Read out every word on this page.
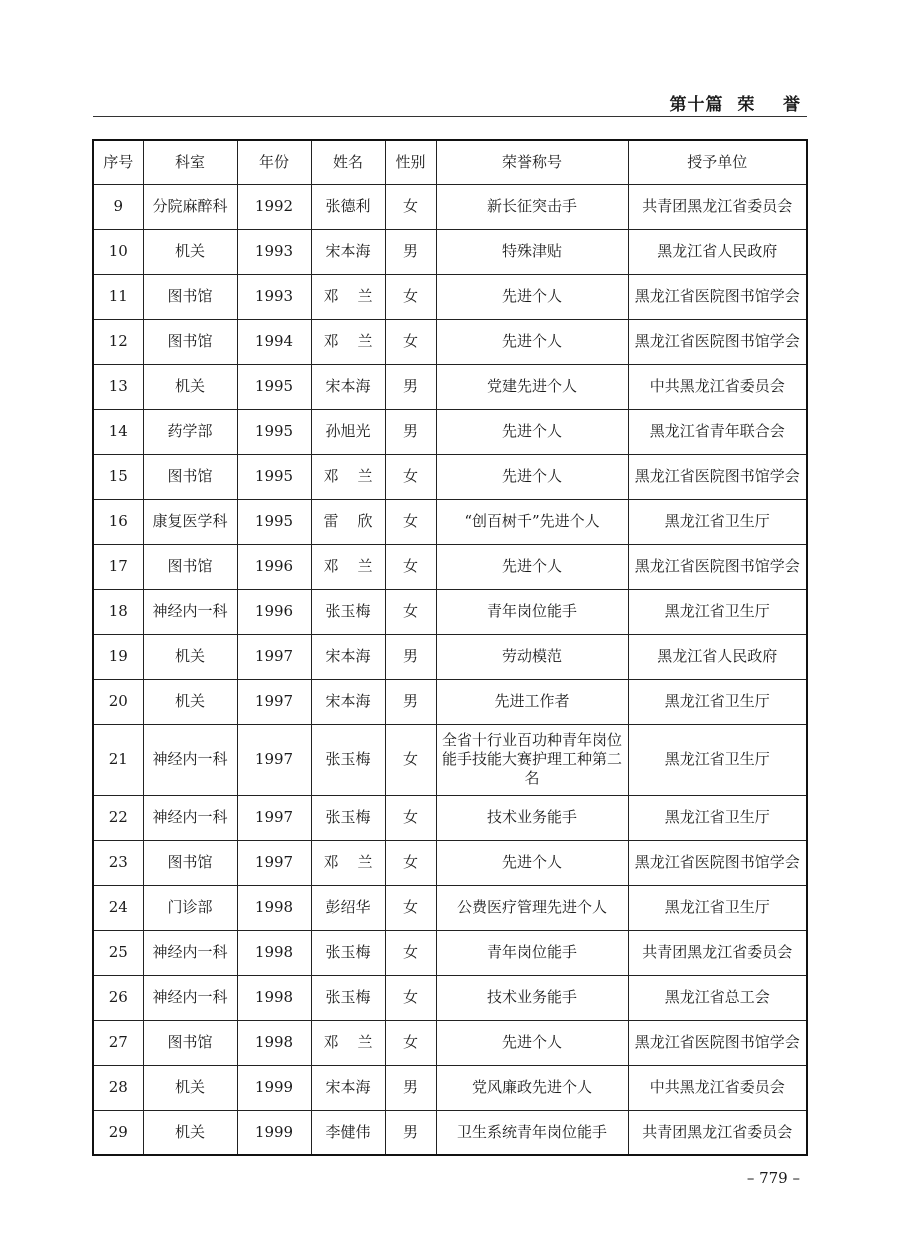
第十篇  荣    誉
序号	科室	年份	姓名	性别	荣誉称号	授予单位
9	分院麻醉科	1992	张德利	女	新长征突击手	共青团黑龙江省委员会
10	机关	1993	宋本海	男	特殊津贴	黑龙江省人民政府
11	图书馆	1993	邓    兰	女	先进个人	黑龙江省医院图书馆学会
12	图书馆	1994	邓    兰	女	先进个人	黑龙江省医院图书馆学会
13	机关	1995	宋本海	男	党建先进个人	中共黑龙江省委员会
14	药学部	1995	孙旭光	男	先进个人	黑龙江省青年联合会
15	图书馆	1995	邓    兰	女	先进个人	黑龙江省医院图书馆学会
16	康复医学科	1995	雷    欣	女	“创百树千”先进个人	黑龙江省卫生厅
17	图书馆	1996	邓    兰	女	先进个人	黑龙江省医院图书馆学会
18	神经内一科	1996	张玉梅	女	青年岗位能手	黑龙江省卫生厅
19	机关	1997	宋本海	男	劳动模范	黑龙江省人民政府
20	机关	1997	宋本海	男	先进工作者	黑龙江省卫生厅
21	神经内一科	1997	张玉梅	女	全省十行业百功种青年岗位能手技能大赛护理工种第二名	黑龙江省卫生厅
22	神经内一科	1997	张玉梅	女	技术业务能手	黑龙江省卫生厅
23	图书馆	1997	邓    兰	女	先进个人	黑龙江省医院图书馆学会
24	门诊部	1998	彭绍华	女	公费医疗管理先进个人	黑龙江省卫生厅
25	神经内一科	1998	张玉梅	女	青年岗位能手	共青团黑龙江省委员会
26	神经内一科	1998	张玉梅	女	技术业务能手	黑龙江省总工会
27	图书馆	1998	邓    兰	女	先进个人	黑龙江省医院图书馆学会
28	机关	1999	宋本海	男	党风廉政先进个人	中共黑龙江省委员会
29	机关	1999	李健伟	男	卫生系统青年岗位能手	共青团黑龙江省委员会
– 779 –
